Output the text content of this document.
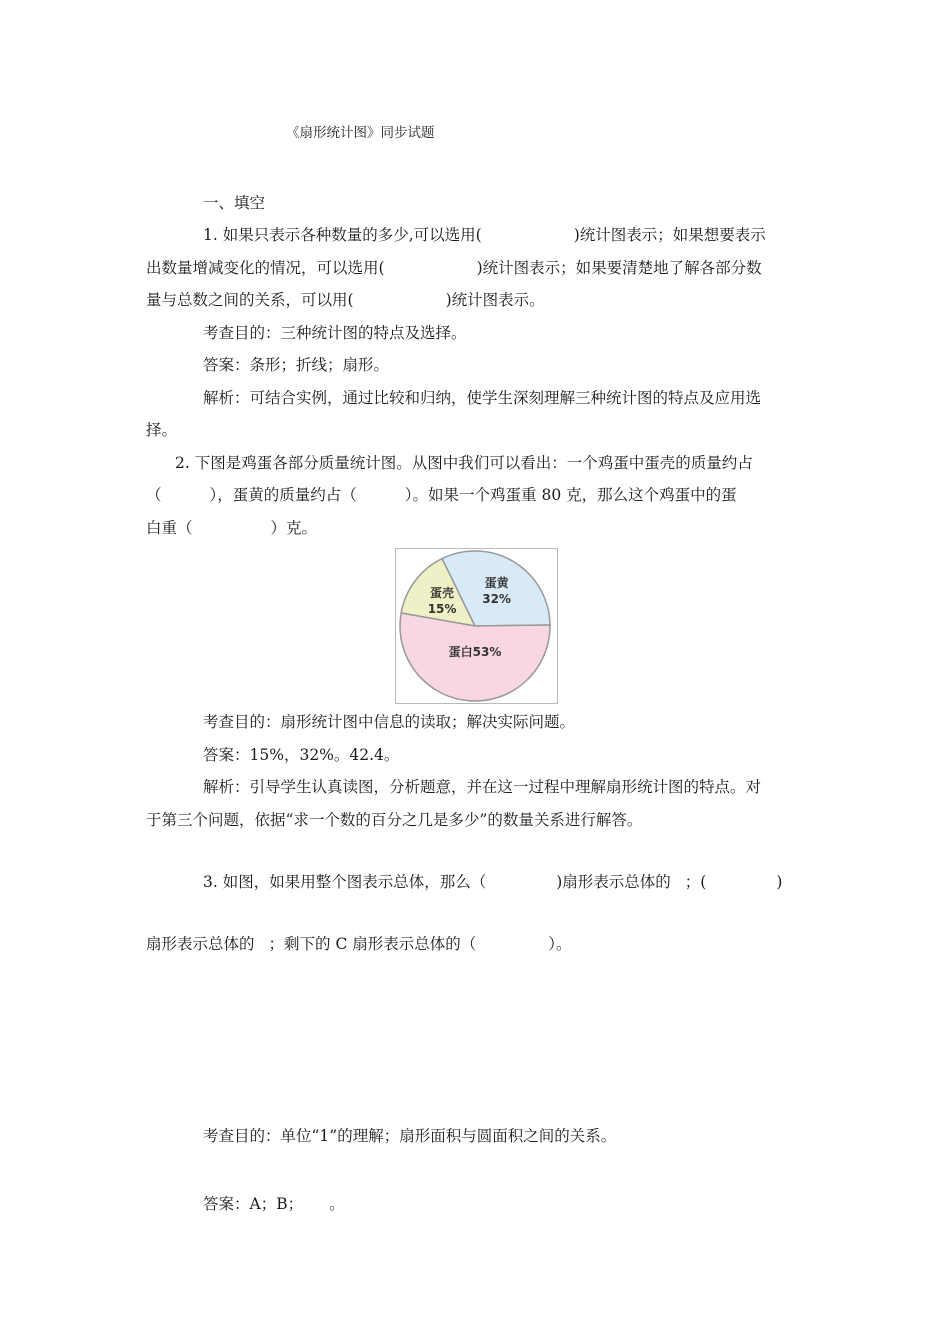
《扇形统计图》同步试题
一、填空
1. 如果只表示各种数量的多少,可以选用(	)统计图表示；如果想要表示
出数量增减变化的情况，可以选用(	)统计图表示；如果要清楚地了解各部分数
量与总数之间的关系，可以用(	)统计图表示。
考查目的：三种统计图的特点及选择。
答案：条形；折线；扇形。
解析：可结合实例，通过比较和归纳，使学生深刻理解三种统计图的特点及应用选
择。
2. 下图是鸡蛋各部分质量统计图。从图中我们可以看出：一个鸡蛋中蛋壳的质量约占
（	），蛋黄的质量约占（	）。如果一个鸡蛋重 80 克，那么这个鸡蛋中的蛋
白重（	）克。
蛋壳
15%
蛋黄
32%
蛋白53%
考查目的：扇形统计图中信息的读取；解决实际问题。
答案：15%，32%。42.4。
解析：引导学生认真读图，分析题意，并在这一过程中理解扇形统计图的特点。对
于第三个问题，依据“求一个数的百分之几是多少”的数量关系进行解答。
3. 如图，如果用整个图表示总体，那么（	)扇形表示总体的 ；(	)
扇形表示总体的 ；剩下的 C 扇形表示总体的（	）。
考查目的：单位“1”的理解；扇形面积与圆面积之间的关系。
答案：A；B； 。
